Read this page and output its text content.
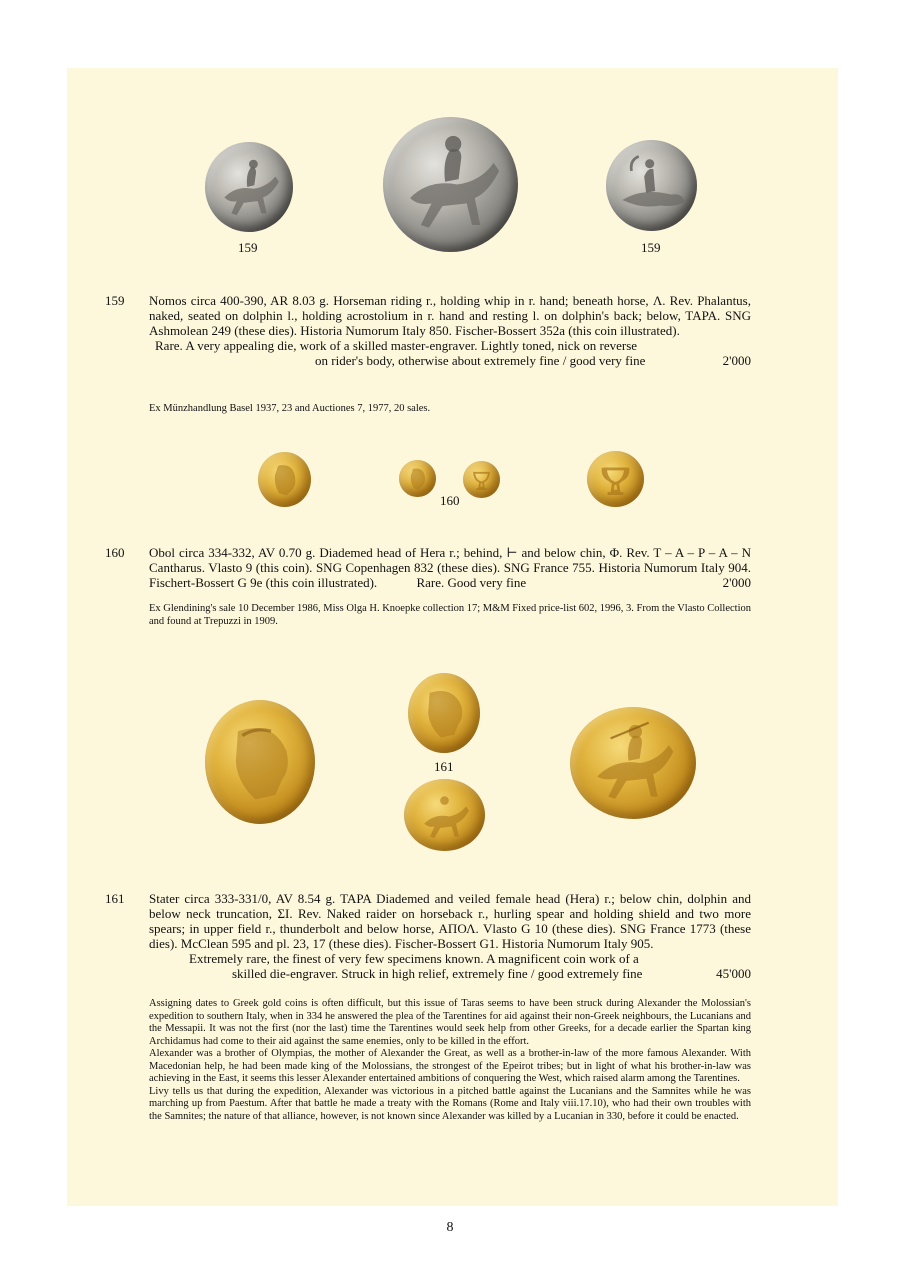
159	159
159 Nomos circa 400-390, AR 8.03 g. Horseman riding r., holding whip in r. hand; beneath horse, Λ. Rev. Phalantus, naked, seated on dolphin l., holding acrostolium in r. hand and resting l. on dolphin's back; below, TAPA. SNG Ashmolean 249 (these dies). Historia Numorum Italy 850. Fischer-Bossert 352a (this coin illustrated).
Rare. A very appealing die, work of a skilled master-engraver. Lightly toned, nick on reverse
on rider's body, otherwise about extremely fine / good very fine	2'000
Ex Münzhandlung Basel 1937, 23 and Auctiones 7, 1977, 20 sales.
160
160 Obol circa 334-332, AV 0.70 g. Diademed head of Hera r.; behind, ⊢ and below chin, Φ. Rev. T – A – P – A – N Cantharus. Vlasto 9 (this coin). SNG Copenhagen 832 (these dies). SNG France 755. Historia Numorum Italy 904. Fischert-Bossert G 9e (this coin illustrated).	Rare. Good very fine	2'000
Ex Glendining's sale 10 December 1986, Miss Olga H. Knoepke collection 17; M&M Fixed price-list 602, 1996, 3. From the Vlasto Collection and found at Trepuzzi in 1909.
161
161 Stater circa 333-331/0, AV 8.54 g. TAPA Diademed and veiled female head (Hera) r.; below chin, dolphin and below neck truncation, ΣΙ. Rev. Naked raider on horseback r., hurling spear and holding shield and two more spears; in upper field r., thunderbolt and below horse, ΑΠΟΛ. Vlasto G 10 (these dies). SNG France 1773 (these dies). McClean 595 and pl. 23, 17 (these dies). Fischer-Bossert G1. Historia Numorum Italy 905.
Extremely rare, the finest of very few specimens known. A magnificent coin work of a
skilled die-engraver. Struck in high relief, extremely fine / good extremely fine	45'000

Assigning dates to Greek gold coins is often difficult, but this issue of Taras seems to have been struck during Alexander the Molossian's expedition to southern Italy, when in 334 he answered the plea of the Tarentines for aid against their non-Greek neighbours, the Lucanians and the Messapii. It was not the first (nor the last) time the Tarentines would seek help from other Greeks, for a decade earlier the Spartan king Archidamus had come to their aid against the same enemies, only to be killed in the effort.

Alexander was a brother of Olympias, the mother of Alexander the Great, as well as a brother-in-law of the more famous Alexander. With Macedonian help, he had been made king of the Molossians, the strongest of the Epeirot tribes; but in light of what his brother-in-law was achieving in the East, it seems this lesser Alexander entertained ambitions of conquering the West, which raised alarm among the Tarentines.

Livy tells us that during the expedition, Alexander was victorious in a pitched battle against the Lucanians and the Samnites while he was marching up from Paestum. After that battle he made a treaty with the Romans (Rome and Italy viii.17.10), who had their own troubles with the Samnites; the nature of that alliance, however, is not known since Alexander was killed by a Lucanian in 330, before it could be enacted.

8
